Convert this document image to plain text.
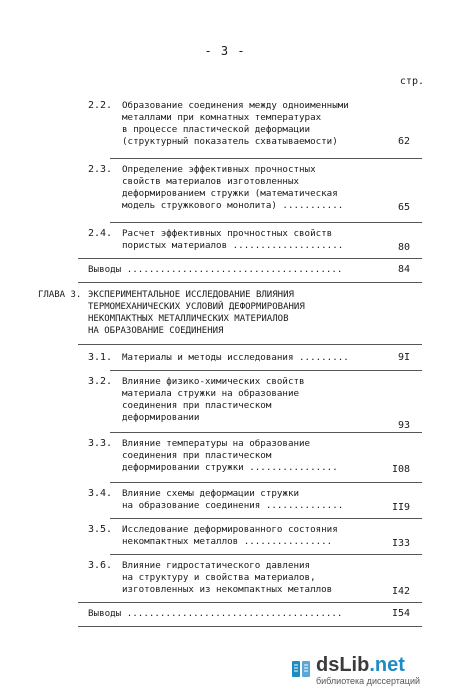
- 3 -
стр.
2.2. Образование соединения между одноименными
металлами при комнатных температурах
в процессе пластической деформации
(структурный показатель схватываемости)	62
2.3. Определение эффективных прочностных
свойств материалов изготовленных
деформированием стружки (математическая
модель стружкового монолита) ...........	65
2.4. Расчет эффективных прочностных свойств
пористых материалов ....................	80
Выводы .......................................	84
ГЛАВА 3. ЭКСПЕРИМЕНТАЛЬНОЕ ИССЛЕДОВАНИЕ ВЛИЯНИЯ
ТЕРМОМЕХАНИЧЕСКИХ УСЛОВИЙ ДЕФОРМИРОВАНИЯ
НЕКОМПАКТНЫХ МЕТАЛЛИЧЕСКИХ МАТЕРИАЛОВ
НА ОБРАЗОВАНИЕ СОЕДИНЕНИЯ
3.1. Материалы и методы исследования .........	9I
3.2. Влияние физико-химических свойств
материала стружки на образование
соединения при пластическом
деформировании
93
3.3. Влияние температуры на образование
соединения при пластическом
деформировании стружки ................	I08
3.4. Влияние схемы деформации стружки
на образование соединения ..............	II9
3.5. Исследование деформированного состояния
некомпактных металлов ................	I33
3.6. Влияние гидростатического давления
на структуру и свойства материалов,
изготовленных из некомпактных металлов	I42
Выводы .......................................	I54
dsLib.net
библиотека диссертаций
